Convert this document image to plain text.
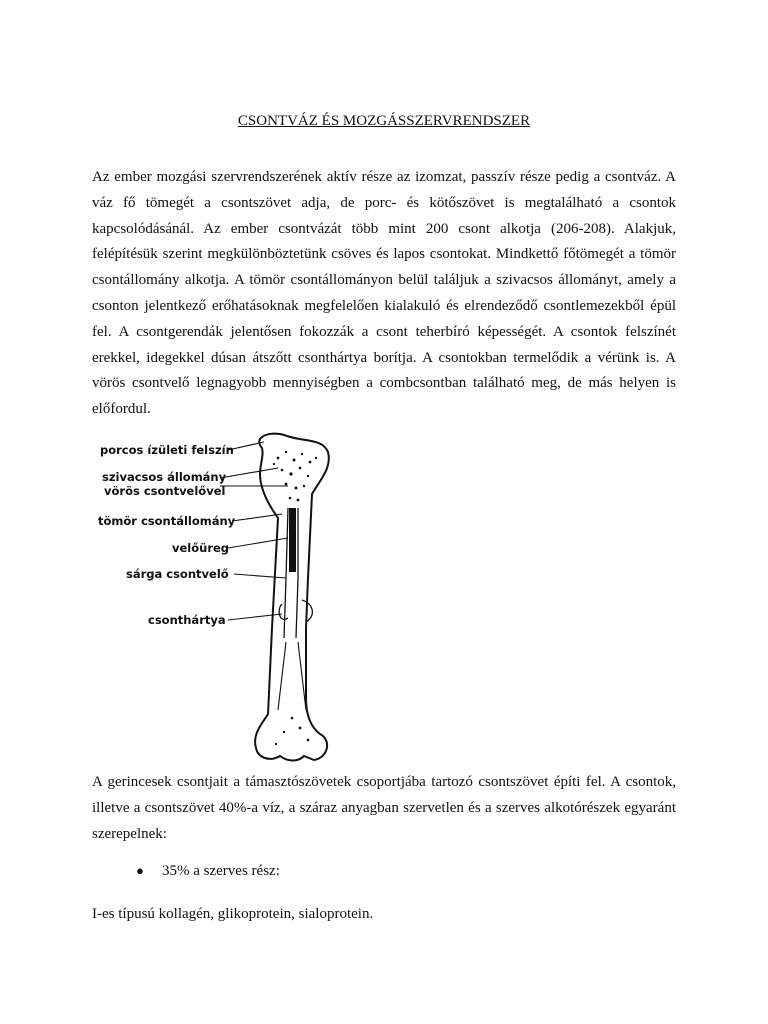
CSONTVÁZ ÉS MOZGÁSSZERVRENDSZER

Az ember mozgási szervrendszerének aktív része az izomzat, passzív része pedig a csontváz. A váz fő tömegét a csontszövet adja, de porc- és kötőszövet is megtalálható a csontok kapcsolódásánál. Az ember csontvázát több mint 200 csont alkotja (206-208). Alakjuk, felépítésük szerint megkülönböztetünk csöves és lapos csontokat. Mindkettő főtömegét a tömör csontállomány alkotja. A tömör csontállományon belül találjuk a szivacsos állományt, amely a csonton jelentkező erőhatásoknak megfelelően kialakuló és elrendeződő csontlemezekből épül fel. A csontgerendák jelentősen fokozzák a csont teherbíró képességét. A csontok felszínét erekkel, idegekkel dúsan átszőtt csonthártya borítja. A csontokban termelődik a vérünk is. A vörös csontvelő legnagyobb mennyiségben a combcsontban található meg, de más helyen is előfordul.

porcos ízületi felszín
szivacsos állomány
vörös csontvelővel
tömör csontállomány
velőüreg
sárga csontvelő
csonthártya

A gerincesek csontjait a támasztószövetek csoportjába tartozó csontszövet építi fel. A csontok, illetve a csontszövet 40%-a víz, a száraz anyagban szervetlen és a szerves alkotórészek egyaránt szerepelnek:

● 35% a szerves rész:
I-es típusú kollagén, glikoprotein, sialoprotein.
